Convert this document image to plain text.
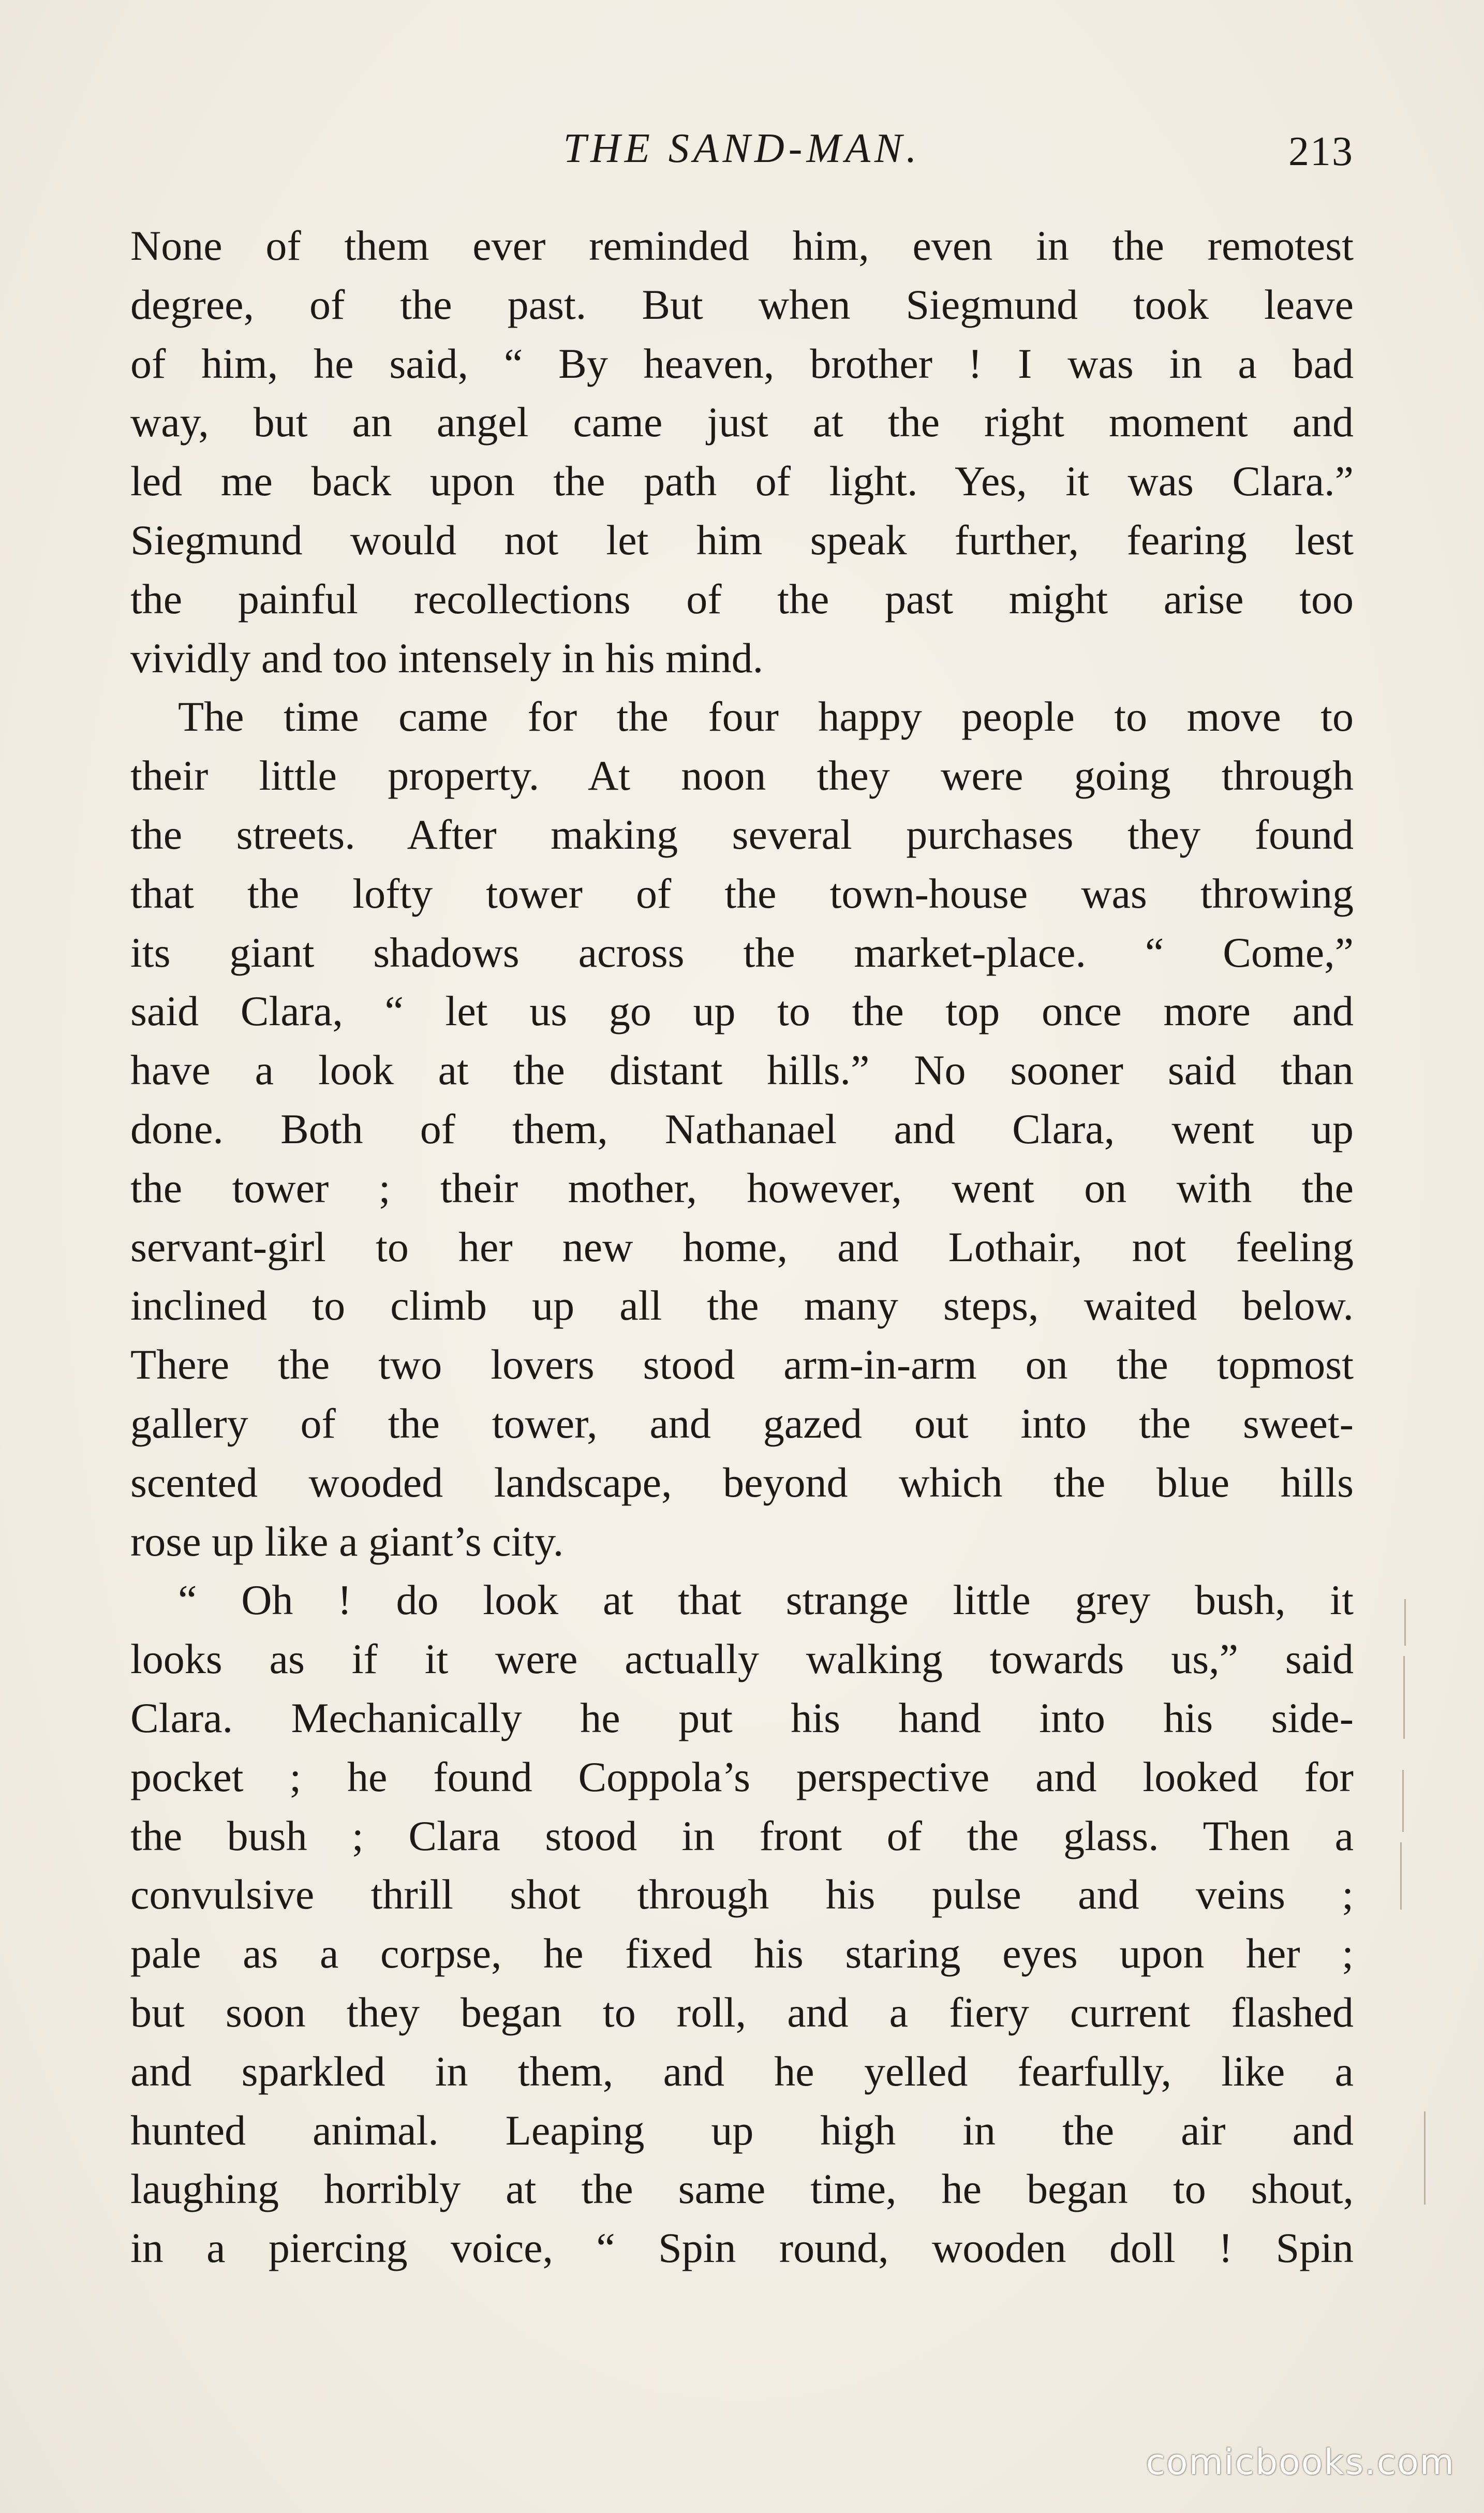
THE SAND-MAN.	213
None of them ever reminded him, even in the remotest
degree, of the past. But when Siegmund took leave
of him, he said, “ By heaven, brother ! I was in a bad
way, but an angel came just at the right moment and
led me back upon the path of light. Yes, it was Clara.”
Siegmund would not let him speak further, fearing lest
the painful recollections of the past might arise too
vividly and too intensely in his mind.
The time came for the four happy people to move to
their little property. At noon they were going through
the streets. After making several purchases they found
that the lofty tower of the town-house was throwing
its giant shadows across the market-place. “ Come,”
said Clara, “ let us go up to the top once more and
have a look at the distant hills.” No sooner said than
done. Both of them, Nathanael and Clara, went up
the tower ; their mother, however, went on with the
servant-girl to her new home, and Lothair, not feeling
inclined to climb up all the many steps, waited below.
There the two lovers stood arm-in-arm on the topmost
gallery of the tower, and gazed out into the sweet-
scented wooded landscape, beyond which the blue hills
rose up like a giant’s city.
“ Oh ! do look at that strange little grey bush, it
looks as if it were actually walking towards us,” said
Clara. Mechanically he put his hand into his side-
pocket ; he found Coppola’s perspective and looked for
the bush ; Clara stood in front of the glass. Then a
convulsive thrill shot through his pulse and veins ;
pale as a corpse, he fixed his staring eyes upon her ;
but soon they began to roll, and a fiery current flashed
and sparkled in them, and he yelled fearfully, like a
hunted animal. Leaping up high in the air and
laughing horribly at the same time, he began to shout,
in a piercing voice, “ Spin round, wooden doll ! Spin
comicbooks.com
